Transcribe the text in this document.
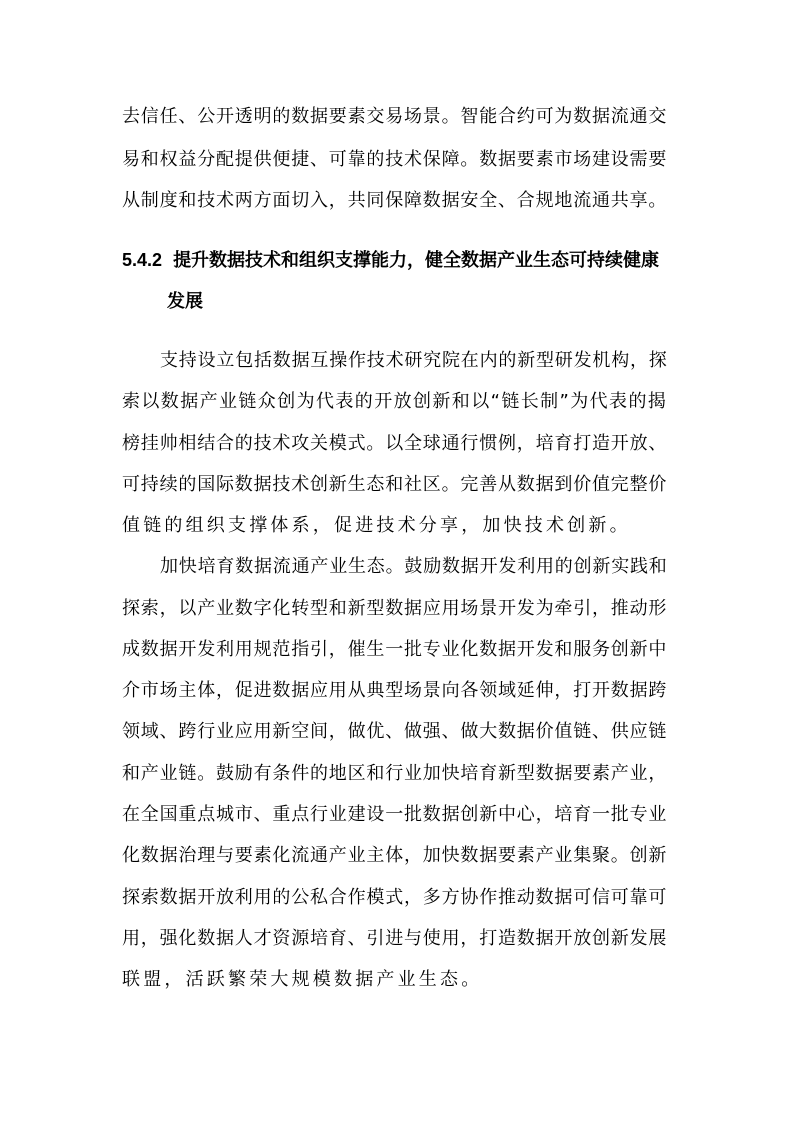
去信任、公开透明的数据要素交易场景。智能合约可为数据流通交
易和权益分配提供便捷、可靠的技术保障。数据要素市场建设需要
从制度和技术两方面切入，共同保障数据安全、合规地流通共享。
5.4.2 提升数据技术和组织支撑能力，健全数据产业生态可持续健康
发展
支持设立包括数据互操作技术研究院在内的新型研发机构，探
索以数据产业链众创为代表的开放创新和以“链长制”为代表的揭
榜挂帅相结合的技术攻关模式。以全球通行惯例，培育打造开放、
可持续的国际数据技术创新生态和社区。完善从数据到价值完整价
值链的组织支撑体系，促进技术分享，加快技术创新。
加快培育数据流通产业生态。鼓励数据开发利用的创新实践和
探索，以产业数字化转型和新型数据应用场景开发为牵引，推动形
成数据开发利用规范指引，催生一批专业化数据开发和服务创新中
介市场主体，促进数据应用从典型场景向各领域延伸，打开数据跨
领域、跨行业应用新空间，做优、做强、做大数据价值链、供应链
和产业链。鼓励有条件的地区和行业加快培育新型数据要素产业，
在全国重点城市、重点行业建设一批数据创新中心，培育一批专业
化数据治理与要素化流通产业主体，加快数据要素产业集聚。创新
探索数据开放利用的公私合作模式，多方协作推动数据可信可靠可
用，强化数据人才资源培育、引进与使用，打造数据开放创新发展
联盟，活跃繁荣大规模数据产业生态。
